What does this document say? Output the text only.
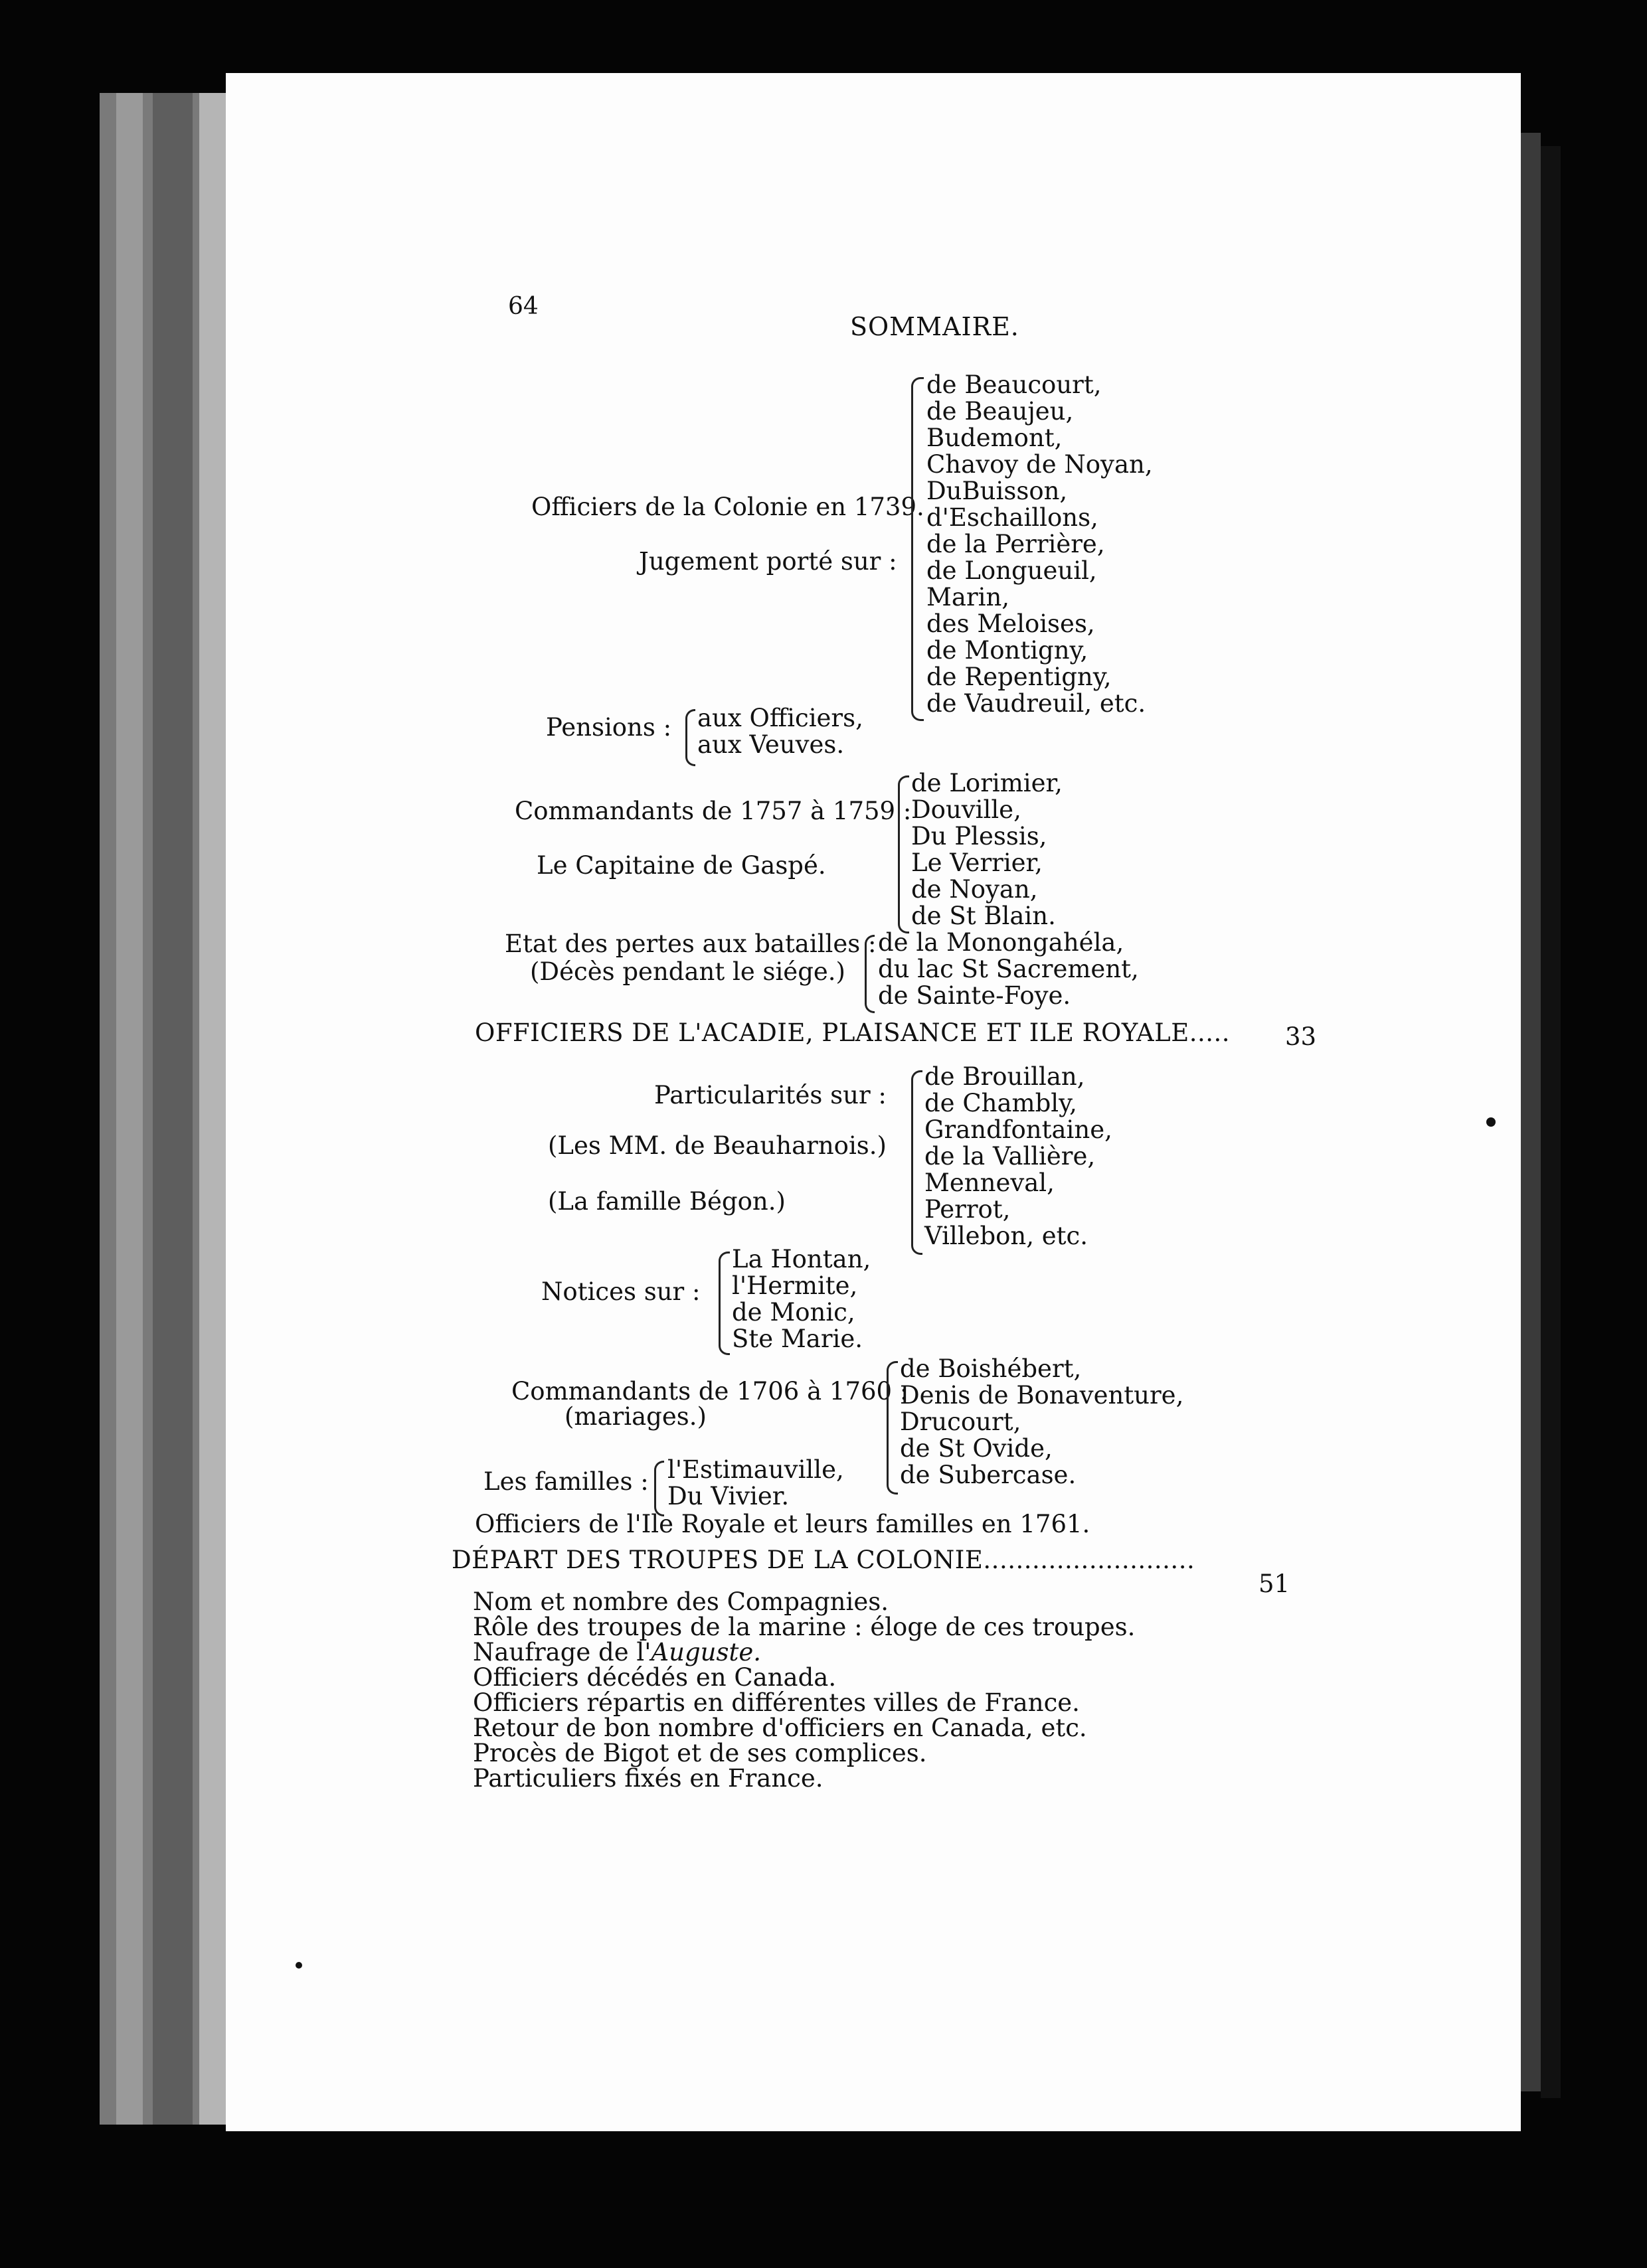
64
SOMMAIRE.
Officiers de la Colonie en 1739.
Jugement porté sur :
de Beaucourt,
de Beaujeu,
Budemont,
Chavoy de Noyan,
DuBuisson,
d'Eschaillons,
de la Perrière,
de Longueuil,
Marin,
des Meloises,
de Montigny,
de Repentigny,
de Vaudreuil, etc.
Pensions : aux Officiers,
aux Veuves.
Commandants de 1757 à 1759 :
Le Capitaine de Gaspé.
de Lorimier,
Douville,
Du Plessis,
Le Verrier,
de Noyan,
de St Blain.
Etat des pertes aux batailles :
(Décès pendant le siége.)
de la Monongahéla,
du lac St Sacrement,
de Sainte-Foye.
OFFICIERS DE L'ACADIE, PLAISANCE ET ILE ROYALE..... 33
Particularités sur :
(Les MM. de Beauharnois.)
(La famille Bégon.)
de Brouillan,
de Chambly,
Grandfontaine,
de la Vallière,
Menneval,
Perrot,
Villebon, etc.
Notices sur :
La Hontan,
l'Hermite,
de Monic,
Ste Marie.
Commandants de 1706 à 1760 :
(mariages.)
de Boishébert,
Denis de Bonaventure,
Drucourt,
de St Ovide,
de Subercase.
Les familles : l'Estimauville,
Du Vivier.
Officiers de l'Ile Royale et leurs familles en 1761.
DÉPART DES TROUPES DE LA COLONIE..........................
51
Nom et nombre des Compagnies.
Rôle des troupes de la marine : éloge de ces troupes.
Naufrage de l'Auguste.
Officiers décédés en Canada.
Officiers répartis en différentes villes de France.
Retour de bon nombre d'officiers en Canada, etc.
Procès de Bigot et de ses complices.
Particuliers fixés en France.
